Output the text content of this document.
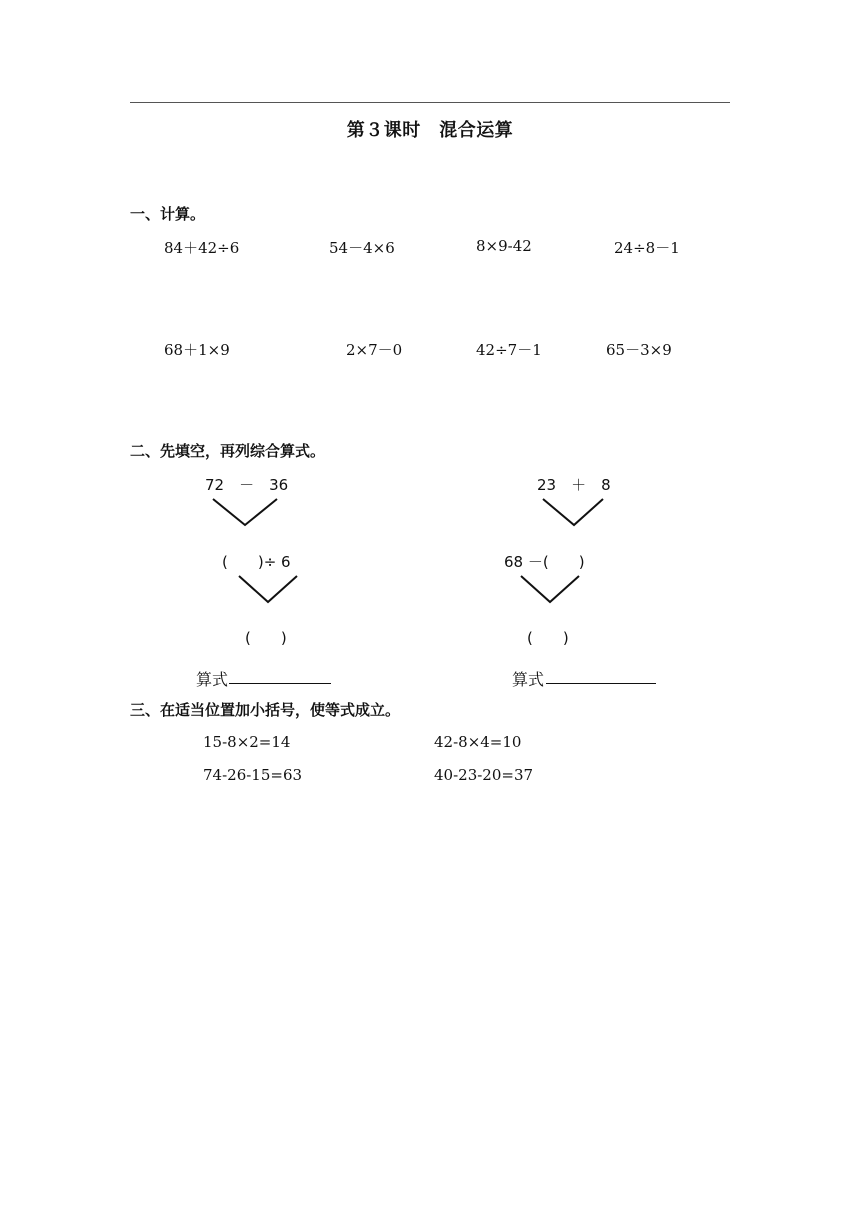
第３课时　混合运算
一、计算。
84＋42÷6	54－4×6	8×9-42	24÷8－1
68＋1×9	2×7－0	42÷7－1	65－3×9
二、先填空，再列综合算式。
72　－　36
(　　)÷ 6
(　　)
算式
23　＋　8
68 －(　　)
(　　)
算式
三、在适当位置加小括号，使等式成立。
15-8×2=14	42-8×4=10
74-26-15=63	40-23-20=37
